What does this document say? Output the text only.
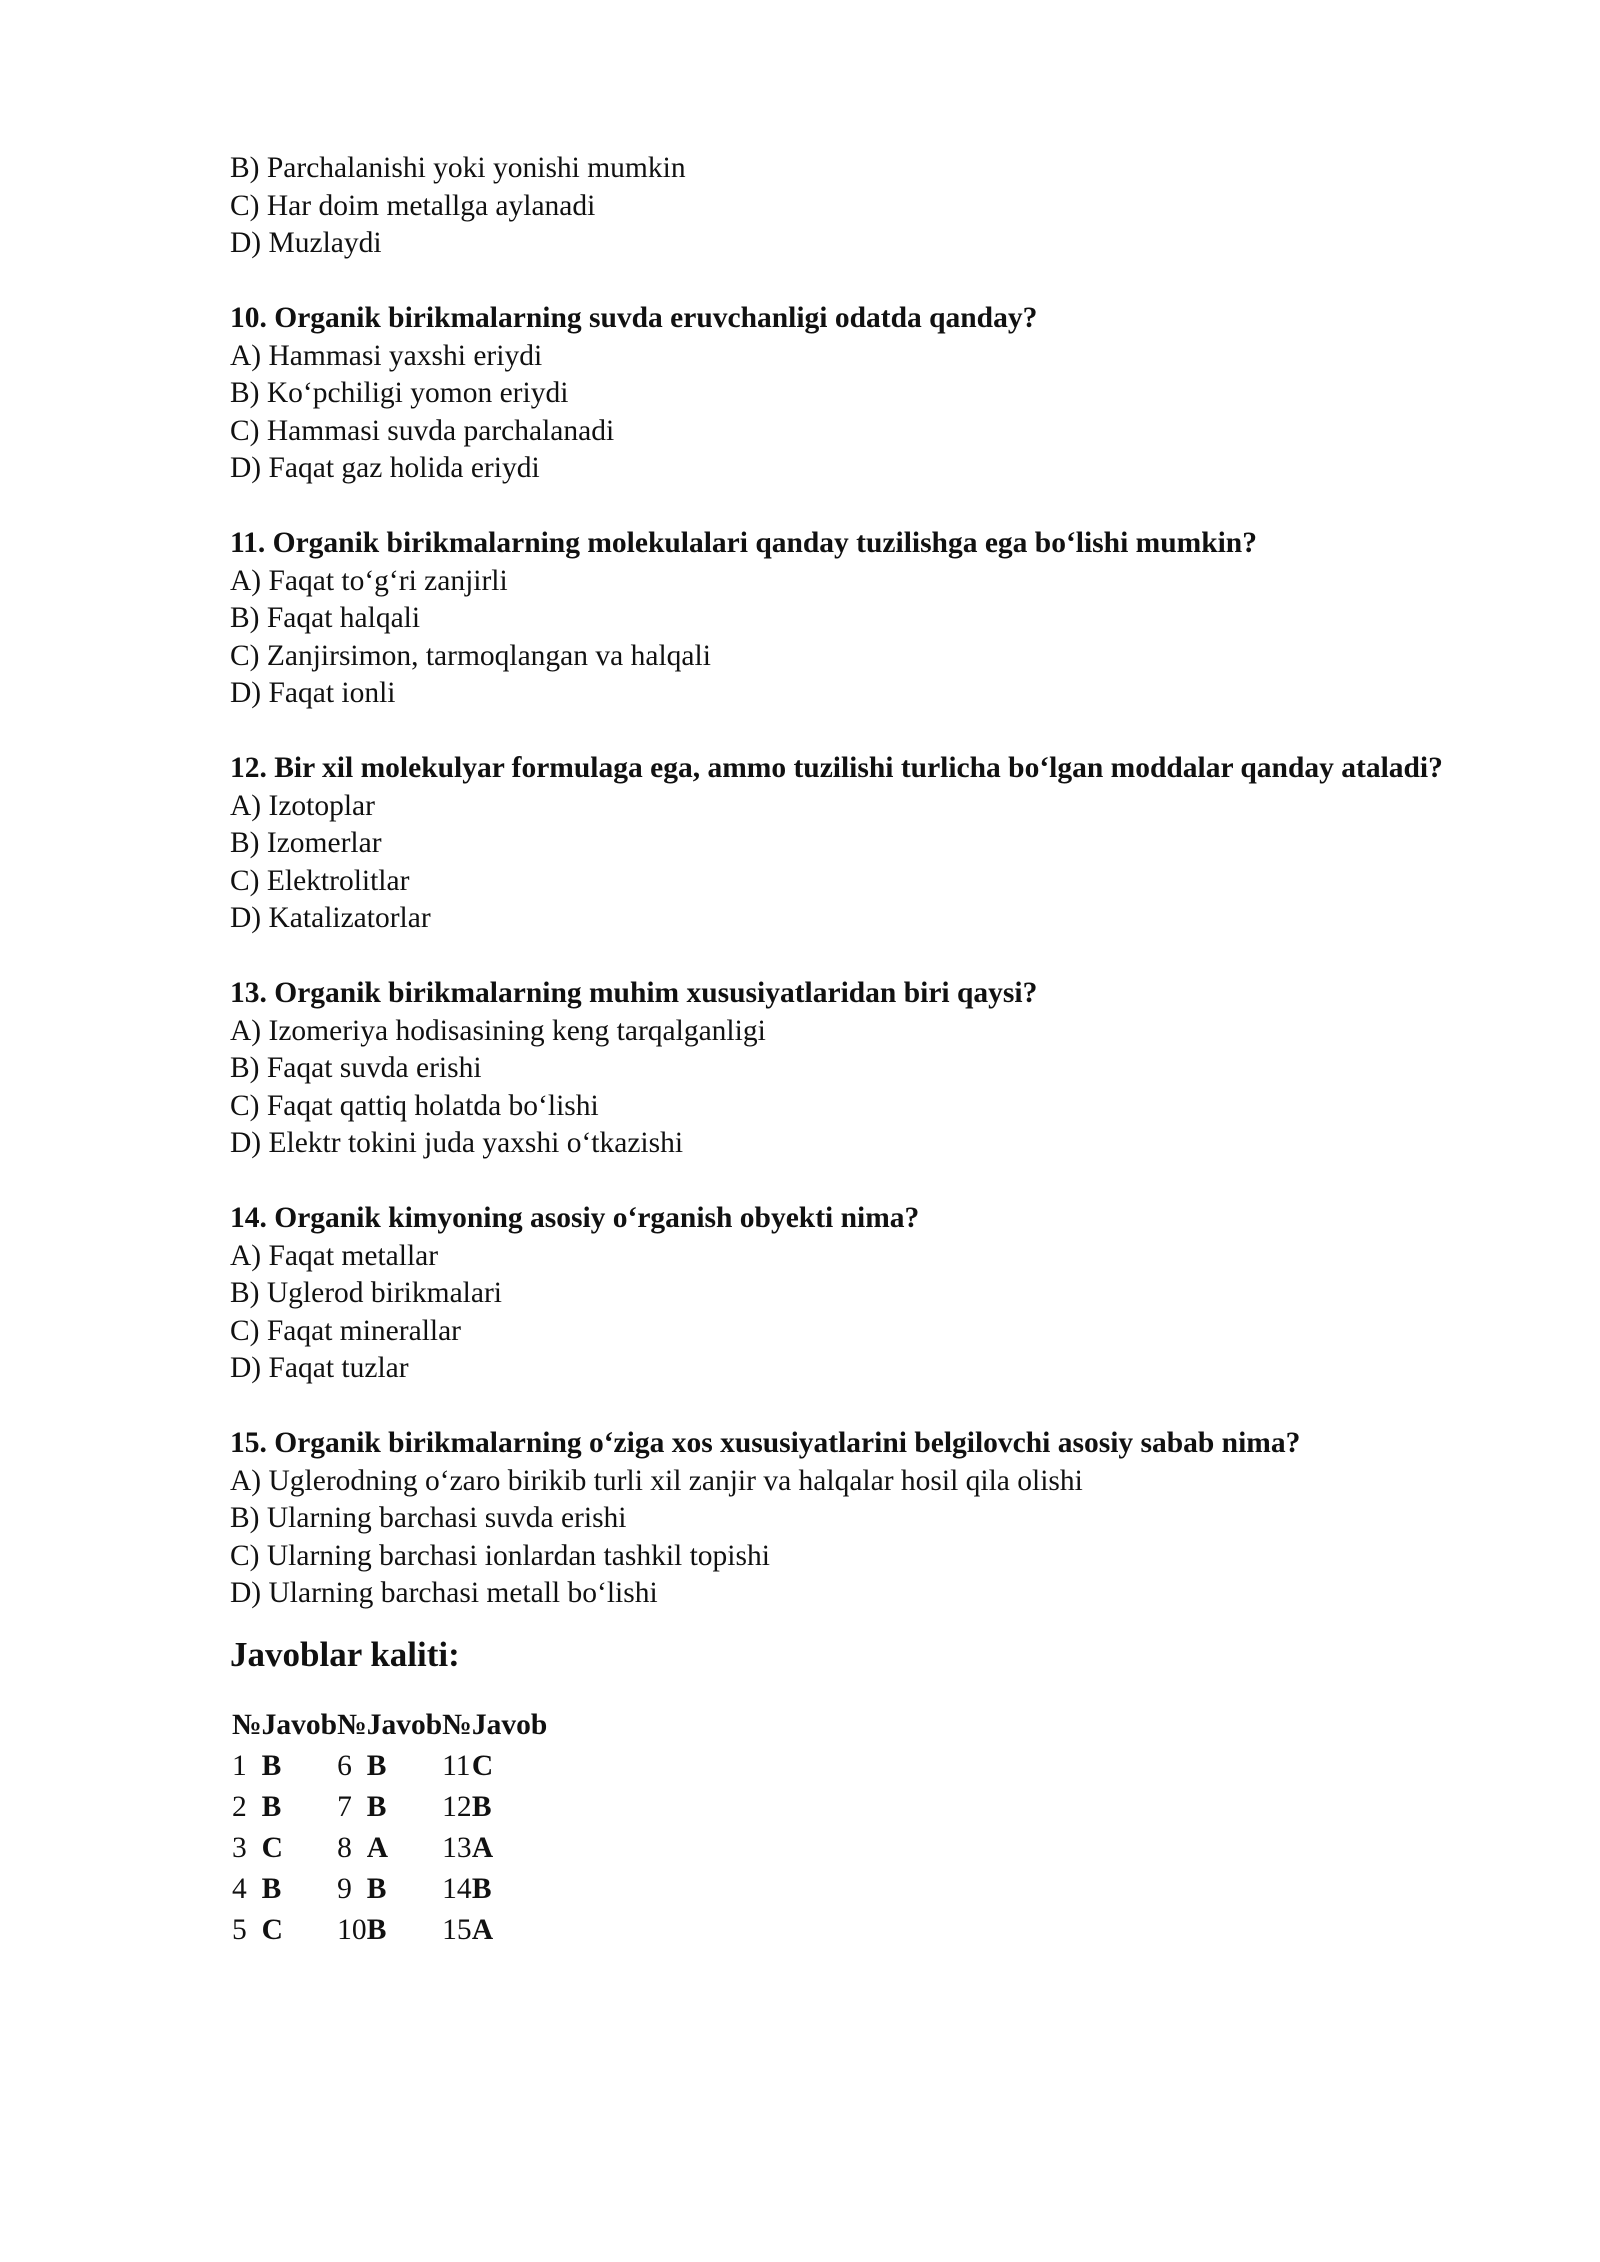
B) Parchalanishi yoki yonishi mumkin
C) Har doim metallga aylanadi
D) Muzlaydi
10. Organik birikmalarning suvda eruvchanligi odatda qanday?
A) Hammasi yaxshi eriydi
B) Ko‘pchiligi yomon eriydi
C) Hammasi suvda parchalanadi
D) Faqat gaz holida eriydi
11. Organik birikmalarning molekulalari qanday tuzilishga ega bo‘lishi mumkin?
A) Faqat to‘g‘ri zanjirli
B) Faqat halqali
C) Zanjirsimon, tarmoqlangan va halqali
D) Faqat ionli
12. Bir xil molekulyar formulaga ega, ammo tuzilishi turlicha bo‘lgan moddalar qanday ataladi?
A) Izotoplar
B) Izomerlar
C) Elektrolitlar
D) Katalizatorlar
13. Organik birikmalarning muhim xususiyatlaridan biri qaysi?
A) Izomeriya hodisasining keng tarqalganligi
B) Faqat suvda erishi
C) Faqat qattiq holatda bo‘lishi
D) Elektr tokini juda yaxshi o‘tkazishi
14. Organik kimyoning asosiy o‘rganish obyekti nima?
A) Faqat metallar
B) Uglerod birikmalari
C) Faqat minerallar
D) Faqat tuzlar
15. Organik birikmalarning o‘ziga xos xususiyatlarini belgilovchi asosiy sabab nima?
A) Uglerodning o‘zaro birikib turli xil zanjir va halqalar hosil qila olishi
B) Ularning barchasi suvda erishi
C) Ularning barchasi ionlardan tashkil topishi
D) Ularning barchasi metall bo‘lishi
Javoblar kaliti:
№	Javob	№	Javob	№	Javob
1	B	6	B	11	C
2	B	7	B	12	B
3	C	8	A	13	A
4	B	9	B	14	B
5	C	10	B	15	A
